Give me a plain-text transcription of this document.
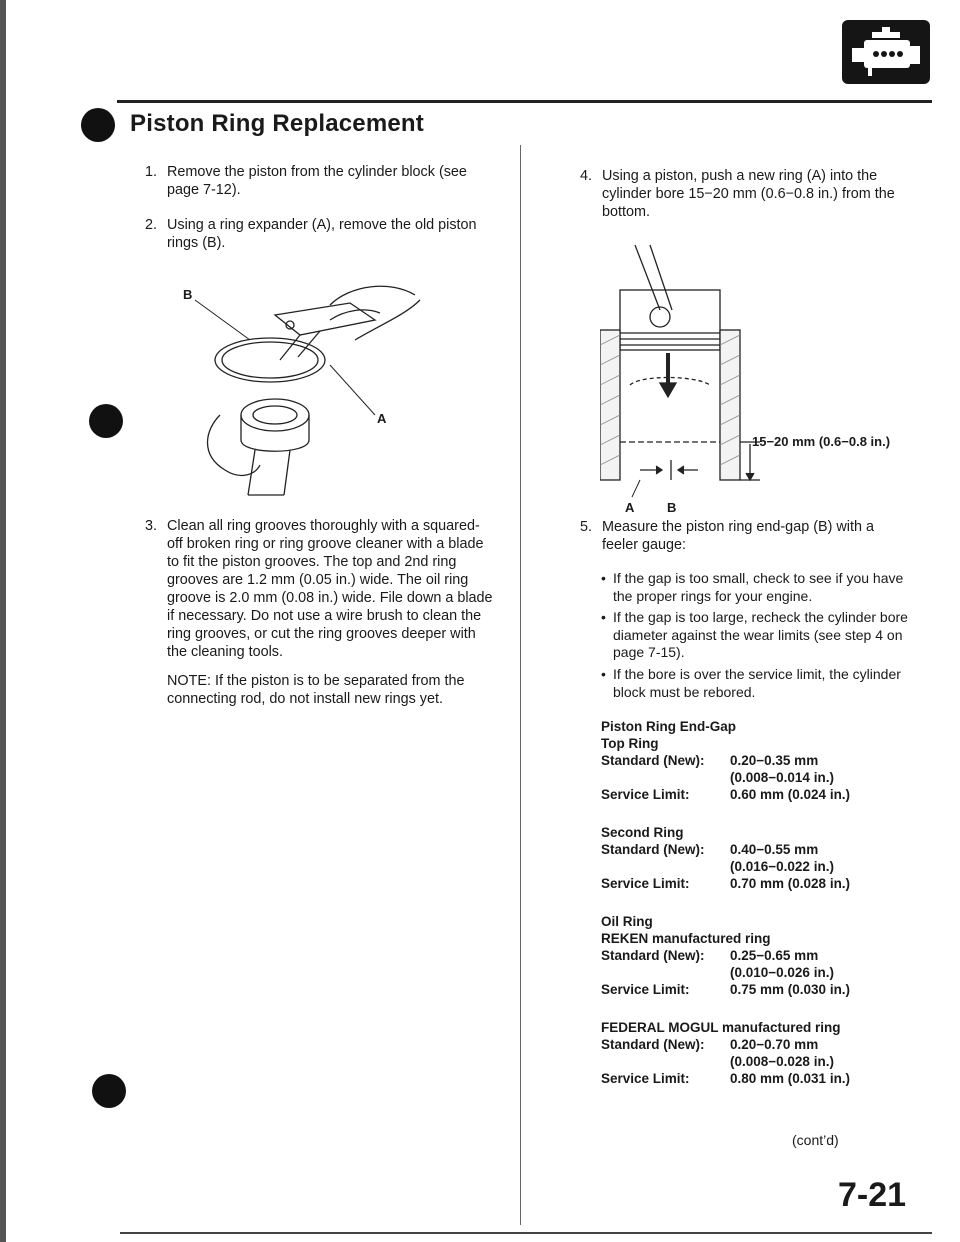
Piston Ring Replacement
1. Remove the piston from the cylinder block (see page 7-12).
2. Using a ring expander (A), remove the old piston rings (B).
B
A
3. Clean all ring grooves thoroughly with a squared-off broken ring or ring groove cleaner with a blade to fit the piston grooves. The top and 2nd ring grooves are 1.2 mm (0.05 in.) wide. The oil ring groove is 2.0 mm (0.08 in.) wide. File down a blade if necessary. Do not use a wire brush to clean the ring grooves, or cut the ring grooves deeper with the cleaning tools.
NOTE: If the piston is to be separated from the connecting rod, do not install new rings yet.
4. Using a piston, push a new ring (A) into the cylinder bore 15−20 mm (0.6−0.8 in.) from the bottom.
15−20 mm (0.6−0.8 in.)
A	B
5. Measure the piston ring end-gap (B) with a feeler gauge:
• If the gap is too small, check to see if you have the proper rings for your engine.
• If the gap is too large, recheck the cylinder bore diameter against the wear limits (see step 4 on page 7-15).
• If the bore is over the service limit, the cylinder block must be rebored.
Piston Ring End-Gap
Top Ring
Standard (New): 0.20−0.35 mm
(0.008−0.014 in.)
Service Limit:	0.60 mm (0.024 in.)
Second Ring
Standard (New): 0.40−0.55 mm
(0.016−0.022 in.)
Service Limit:	0.70 mm (0.028 in.)
Oil Ring
REKEN manufactured ring
Standard (New): 0.25−0.65 mm
(0.010−0.026 in.)
Service Limit:	0.75 mm (0.030 in.)
FEDERAL MOGUL manufactured ring
Standard (New): 0.20−0.70 mm
(0.008−0.028 in.)
Service Limit:	0.80 mm (0.031 in.)
(cont’d)
7-21
